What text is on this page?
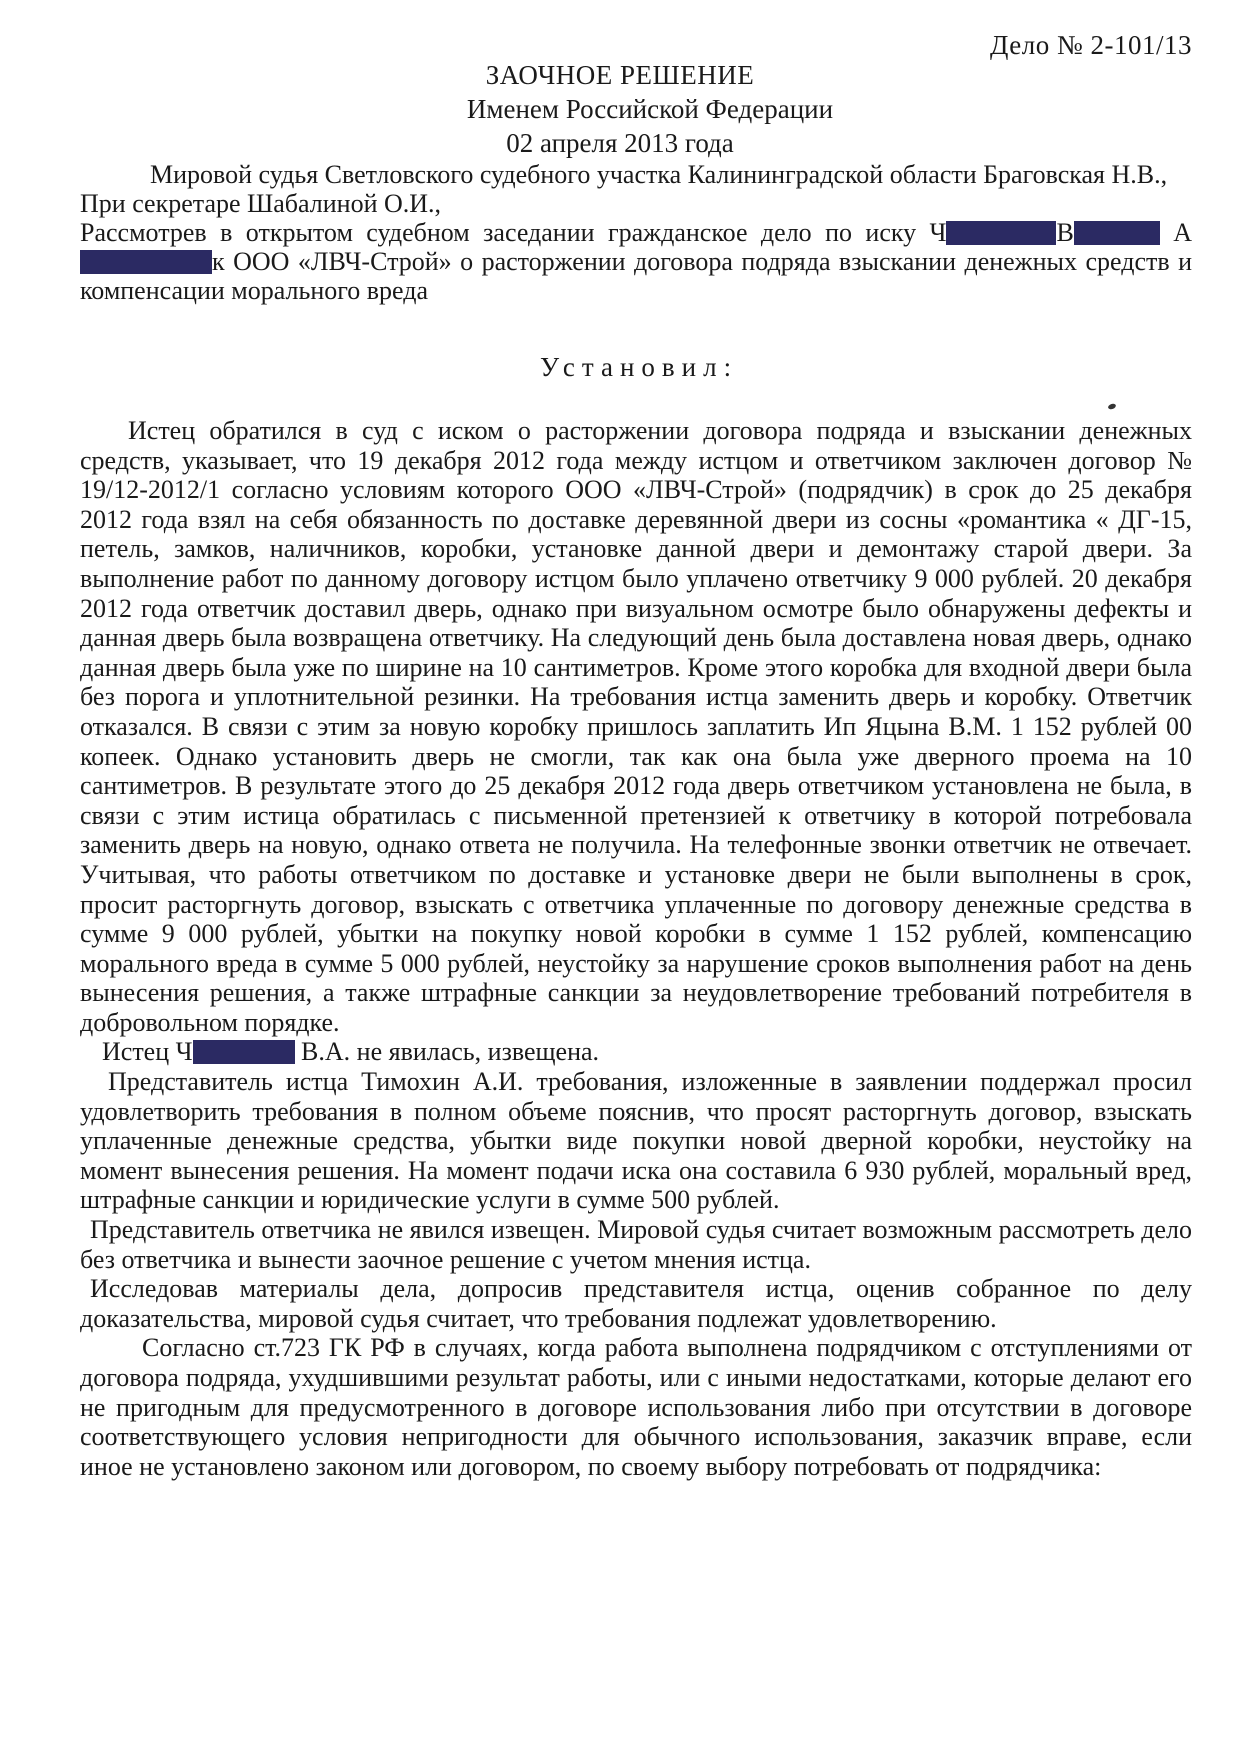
Дело № 2-101/13
ЗАОЧНОЕ РЕШЕНИЕ
Именем Российской Федерации
02 апреля 2013 года

Мировой судья Светловского судебного участка Калининградской области Браговская Н.В.,

При секретаре Шабалиной О.И.,

Рассмотрев в открытом судебном заседании гражданское дело по иску Ч	В	Ак ООО «ЛВЧ-Строй» о расторжении договора подряда взыскании денежных средств и компенсации морального вреда

Установил:

Истец обратился в суд с иском о расторжении договора подряда и взыскании денежных средств, указывает, что 19 декабря 2012 года между истцом и ответчиком заключен договор № 19/12-2012/1 согласно условиям которого ООО «ЛВЧ-Строй» (подрядчик) в срок до 25 декабря 2012 года взял на себя обязанность по доставке деревянной двери из сосны «романтика « ДГ-15, петель, замков, наличников, коробки, установке данной двери и демонтажу старой двери. За выполнение работ по данному договору истцом было уплачено ответчику 9 000 рублей. 20 декабря 2012 года ответчик доставил дверь, однако при визуальном осмотре было обнаружены дефекты и данная дверь была возвращена ответчику. На следующий день была доставлена новая дверь, однако данная дверь была уже по ширине на 10 сантиметров. Кроме этого коробка для входной двери была без порога и уплотнительной резинки. На требования истца заменить дверь и коробку. Ответчик отказался. В связи с этим за новую коробку пришлось заплатить Ип Яцына В.М. 1 152 рублей 00 копеек. Однако установить дверь не смогли, так как она была уже дверного проема на 10 сантиметров. В результате этого до 25 декабря 2012 года дверь ответчиком установлена не была, в связи с этим истица обратилась с письменной претензией к ответчику в которой потребовала заменить дверь на новую, однако ответа не получила. На телефонные звонки ответчик не отвечает. Учитывая, что работы ответчиком по доставке и установке двери не были выполнены в срок, просит расторгнуть договор, взыскать с ответчика уплаченные по договору денежные средства в сумме 9 000 рублей, убытки на покупку новой коробки в сумме 1 152 рублей, компенсацию морального вреда в сумме 5 000 рублей, неустойку за нарушение сроков выполнения работ на день вынесения решения, а также штрафные санкции за неудовлетворение требований потребителя в добровольном порядке.

Истец Ч	В.А. не явилась, извещена.

Представитель истца Тимохин А.И. требования, изложенные в заявлении поддержал просил удовлетворить требования в полном объеме пояснив, что просят расторгнуть договор, взыскать уплаченные денежные средства, убытки виде покупки новой дверной коробки, неустойку на момент вынесения решения. На момент подачи иска она составила 6 930 рублей, моральный вред, штрафные санкции и юридические услуги в сумме 500 рублей.

Представитель ответчика не явился извещен. Мировой судья считает возможным рассмотреть дело без ответчика и вынести заочное решение с учетом мнения истца.

Исследовав материалы дела, допросив представителя истца, оценив собранное по делу доказательства, мировой судья считает, что требования подлежат удовлетворению.

Согласно ст.723 ГК РФ в случаях, когда работа выполнена подрядчиком с отступлениями от договора подряда, ухудшившими результат работы, или с иными недостатками, которые делают его не пригодным для предусмотренного в договоре использования либо при отсутствии в договоре соответствующего условия непригодности для обычного использования, заказчик вправе, если иное не установлено законом или договором, по своему выбору потребовать от подрядчика:
